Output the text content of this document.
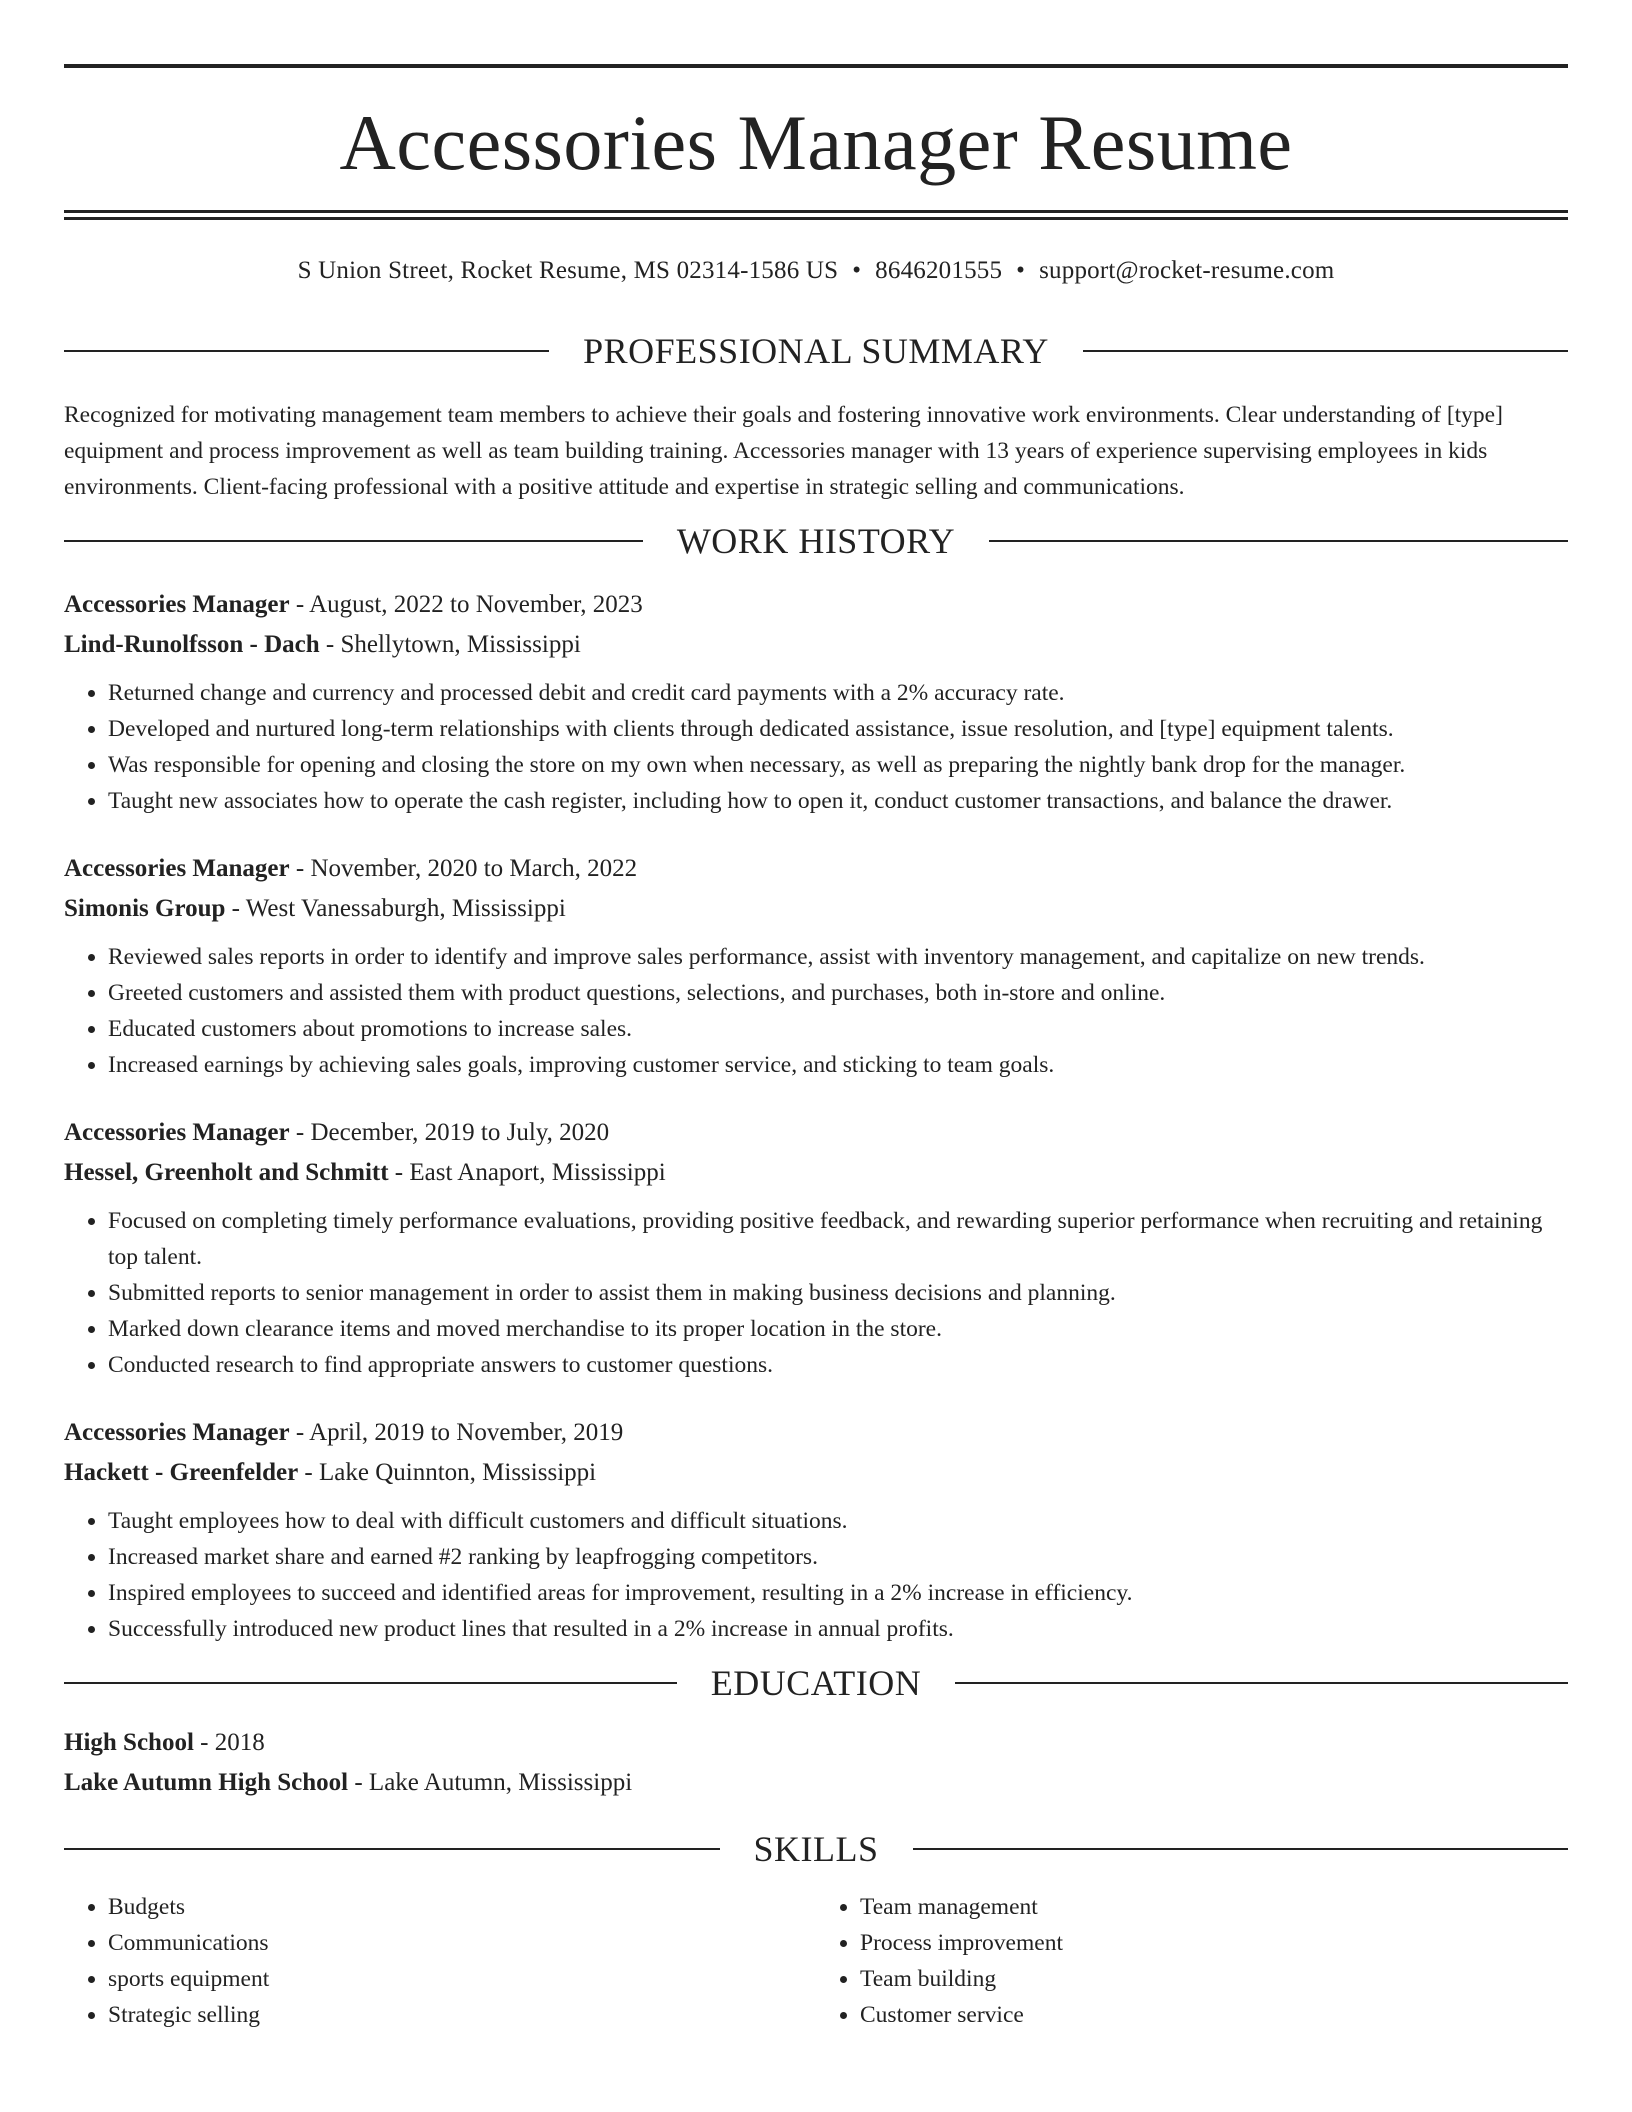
Accessories Manager Resume
S Union Street, Rocket Resume, MS 02314-1586 US • 8646201555 • support@rocket-resume.com
PROFESSIONAL SUMMARY

Recognized for motivating management team members to achieve their goals and fostering innovative work environments. Clear understanding of [type] equipment and process improvement as well as team building training. Accessories manager with 13 years of experience supervising employees in kids environments. Client-facing professional with a positive attitude and expertise in strategic selling and communications.

WORK HISTORY
Accessories Manager - August, 2022 to November, 2023
Lind-Runolfsson - Dach - Shellytown, Mississippi
• Returned change and currency and processed debit and credit card payments with a 2% accuracy rate.
• Developed and nurtured long-term relationships with clients through dedicated assistance, issue resolution, and [type] equipment talents.
• Was responsible for opening and closing the store on my own when necessary, as well as preparing the nightly bank drop for the manager.
• Taught new associates how to operate the cash register, including how to open it, conduct customer transactions, and balance the drawer.
Accessories Manager - November, 2020 to March, 2022
Simonis Group - West Vanessaburgh, Mississippi
• Reviewed sales reports in order to identify and improve sales performance, assist with inventory management, and capitalize on new trends.
• Greeted customers and assisted them with product questions, selections, and purchases, both in-store and online.
• Educated customers about promotions to increase sales.
• Increased earnings by achieving sales goals, improving customer service, and sticking to team goals.
Accessories Manager - December, 2019 to July, 2020
Hessel, Greenholt and Schmitt - East Anaport, Mississippi
• Focused on completing timely performance evaluations, providing positive feedback, and rewarding superior performance when recruiting and retaining top talent.
• Submitted reports to senior management in order to assist them in making business decisions and planning.
• Marked down clearance items and moved merchandise to its proper location in the store.
• Conducted research to find appropriate answers to customer questions.
Accessories Manager - April, 2019 to November, 2019
Hackett - Greenfelder - Lake Quinnton, Mississippi
• Taught employees how to deal with difficult customers and difficult situations.
• Increased market share and earned #2 ranking by leapfrogging competitors.
• Inspired employees to succeed and identified areas for improvement, resulting in a 2% increase in efficiency.
• Successfully introduced new product lines that resulted in a 2% increase in annual profits.
EDUCATION
High School - 2018
Lake Autumn High School - Lake Autumn, Mississippi
SKILLS
• Budgets
• Communications
• sports equipment
• Strategic selling
• Team management
• Process improvement
• Team building
• Customer service
